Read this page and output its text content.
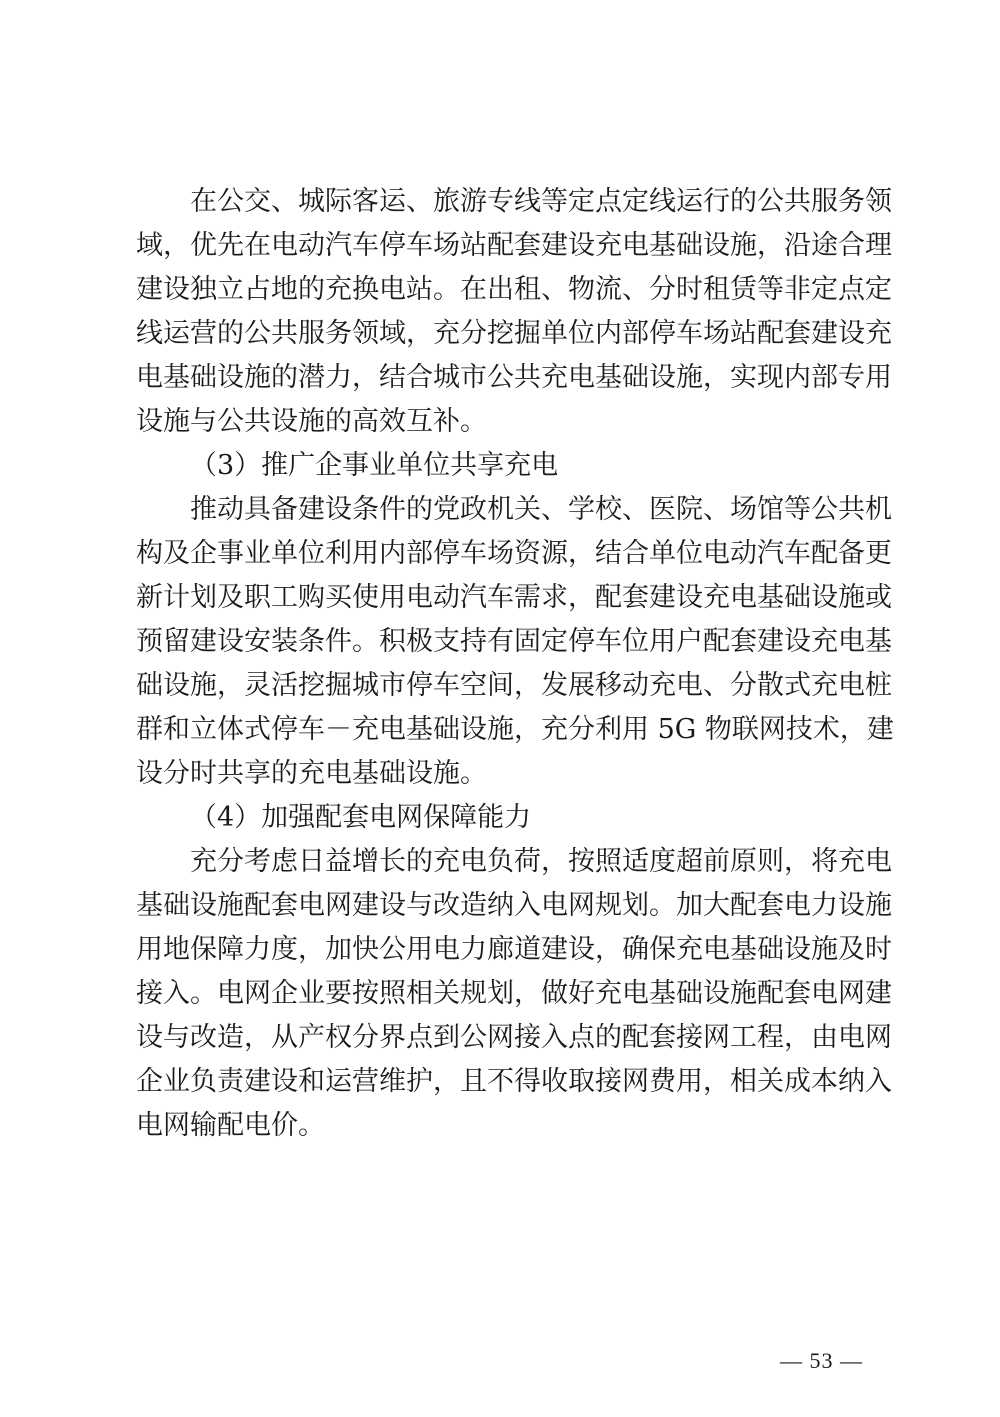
在公交、城际客运、旅游专线等定点定线运行的公共服务领
域，优先在电动汽车停车场站配套建设充电基础设施，沿途合理
建设独立占地的充换电站。在出租、物流、分时租赁等非定点定
线运营的公共服务领域，充分挖掘单位内部停车场站配套建设充
电基础设施的潜力，结合城市公共充电基础设施，实现内部专用
设施与公共设施的高效互补。
（3）推广企事业单位共享充电
推动具备建设条件的党政机关、学校、医院、场馆等公共机
构及企事业单位利用内部停车场资源，结合单位电动汽车配备更
新计划及职工购买使用电动汽车需求，配套建设充电基础设施或
预留建设安装条件。积极支持有固定停车位用户配套建设充电基
础设施，灵活挖掘城市停车空间，发展移动充电、分散式充电桩
群和立体式停车－充电基础设施，充分利用 5G 物联网技术，建
设分时共享的充电基础设施。
（4）加强配套电网保障能力
充分考虑日益增长的充电负荷，按照适度超前原则，将充电
基础设施配套电网建设与改造纳入电网规划。加大配套电力设施
用地保障力度，加快公用电力廊道建设，确保充电基础设施及时
接入。电网企业要按照相关规划，做好充电基础设施配套电网建
设与改造，从产权分界点到公网接入点的配套接网工程，由电网
企业负责建设和运营维护，且不得收取接网费用，相关成本纳入
电网输配电价。
— 53 —
